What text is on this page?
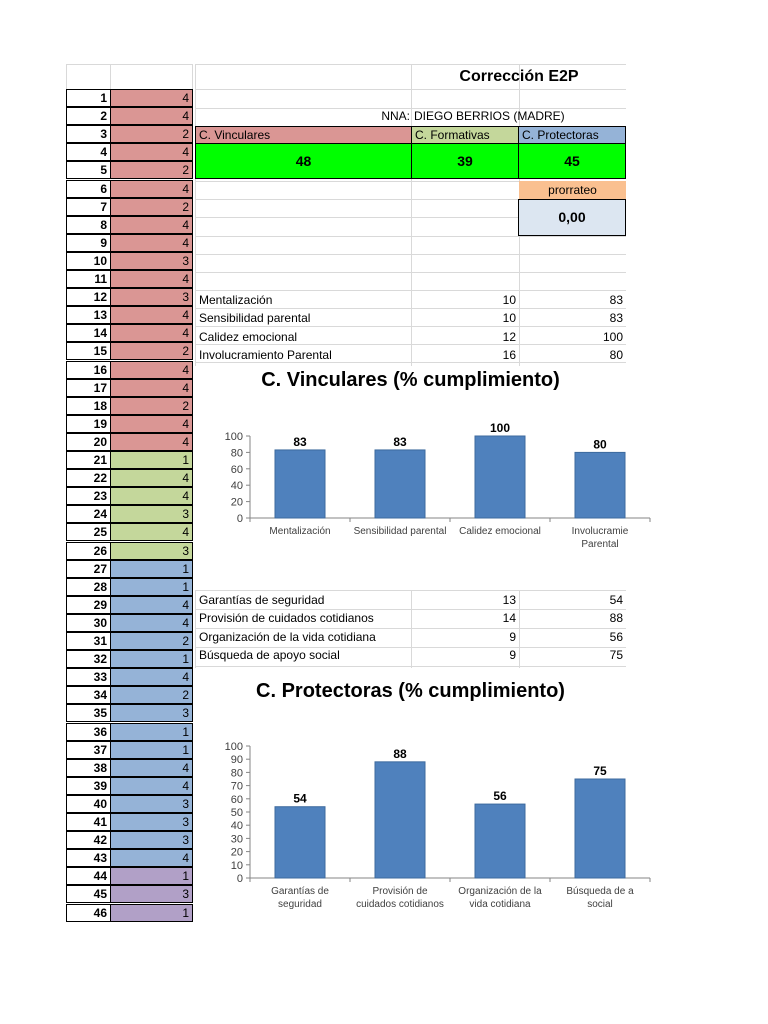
1	4
2	4
3	2
4	4
5	2
6	4
7	2
8	4
9	4
10	3
11	4
12	3
13	4
14	4
15	2
16	4
17	4
18	2
19	4
20	4
21	1
22	4
23	4
24	3
25	4
26	3
27	1
28	1
29	4
30	4
31	2
32	1
33	4
34	2
35	3
36	1
37	1
38	4
39	4
40	3
41	3
42	3
43	4
44	1
45	3
46	1
Corrección E2P
NNA: DIEGO BERRIOS (MADRE)
C. Vinculares	C. Formativas	C. Protectoras
48	39	45
prorrateo
0,00
Mentalización	10	83
Sensibilidad parental	10	83
Calidez emocional	12	100
Involucramiento Parental	16	80
C. Vinculares (% cumplimiento)
0
20
40
60
80
100	83
Mentalización
83
Sensibilidad parental
100
Calidez emocional
80
Involucramie
Parental
Garantías de seguridad	13	54
Provisión de cuidados cotidianos	14	88
Organización de la vida cotidiana	9	56
Búsqueda de apoyo social	9	75
C. Protectoras (% cumplimiento)
0
10
20
30
40
50
60
70
80
90
100
54
Garantías de
seguridad
88
Provisión de
cuidados cotidianos
56
Organización de la
vida cotidiana
75
Búsqueda de a
social
